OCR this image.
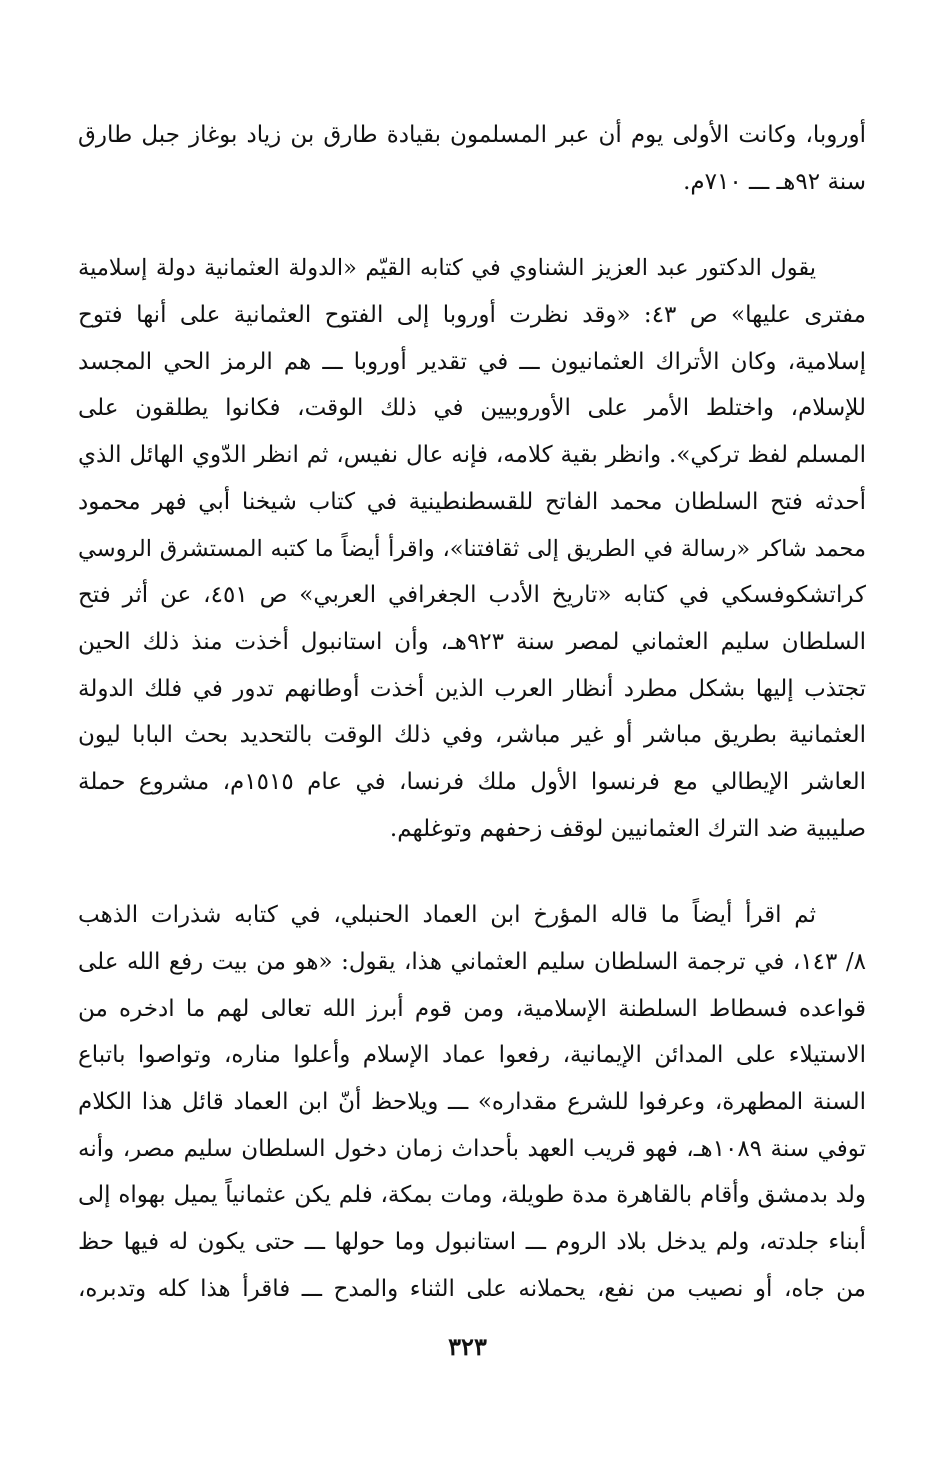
أوروبا، وكانت الأولى يوم أن عبر المسلمون بقيادة طارق بن زياد بوغاز جبل طارق
سنة ٩٢هـ ـــ ٧١٠م.
يقول الدكتور عبد العزيز الشناوي في كتابه القيّم «الدولة العثمانية دولة إسلامية
مفترى عليها» ص ٤٣: «وقد نظرت أوروبا إلى الفتوح العثمانية على أنها فتوح
إسلامية، وكان الأتراك العثمانيون ـــ في تقدير أوروبا ـــ هم الرمز الحي المجسد
للإسلام، واختلط الأمر على الأوروبيين في ذلك الوقت، فكانوا يطلقون على
المسلم لفظ تركي». وانظر بقية كلامه، فإنه عال نفيس، ثم انظر الدّوي الهائل الذي
أحدثه فتح السلطان محمد الفاتح للقسطنطينية في كتاب شيخنا أبي فهر محمود
محمد شاكر «رسالة في الطريق إلى ثقافتنا»، واقرأ أيضاً ما كتبه المستشرق الروسي
كراتشكوفسكي في كتابه «تاريخ الأدب الجغرافي العربي» ص ٤٥١، عن أثر فتح
السلطان سليم العثماني لمصر سنة ٩٢٣هـ، وأن استانبول أخذت منذ ذلك الحين
تجتذب إليها بشكل مطرد أنظار العرب الذين أخذت أوطانهم تدور في فلك الدولة
العثمانية بطريق مباشر أو غير مباشر، وفي ذلك الوقت بالتحديد بحث البابا ليون
العاشر الإيطالي مع فرنسوا الأول ملك فرنسا، في عام ١٥١٥م، مشروع حملة
صليبية ضد الترك العثمانيين لوقف زحفهم وتوغلهم.
ثم اقرأ أيضاً ما قاله المؤرخ ابن العماد الحنبلي، في كتابه شذرات الذهب
٨/ ١٤٣، في ترجمة السلطان سليم العثماني هذا، يقول: «هو من بيت رفع الله على
قواعده فسطاط السلطنة الإسلامية، ومن قوم أبرز الله تعالى لهم ما ادخره من
الاستيلاء على المدائن الإيمانية، رفعوا عماد الإسلام وأعلوا مناره، وتواصوا باتباع
السنة المطهرة، وعرفوا للشرع مقداره» ـــ ويلاحظ أنّ ابن العماد قائل هذا الكلام
توفي سنة ١٠٨٩هـ، فهو قريب العهد بأحداث زمان دخول السلطان سليم مصر، وأنه
ولد بدمشق وأقام بالقاهرة مدة طويلة، ومات بمكة، فلم يكن عثمانياً يميل بهواه إلى
أبناء جلدته، ولم يدخل بلاد الروم ـــ استانبول وما حولها ـــ حتى يكون له فيها حظ
من جاه، أو نصيب من نفع، يحملانه على الثناء والمدح ـــ فاقرأ هذا كله وتدبره،
٣٢٣
